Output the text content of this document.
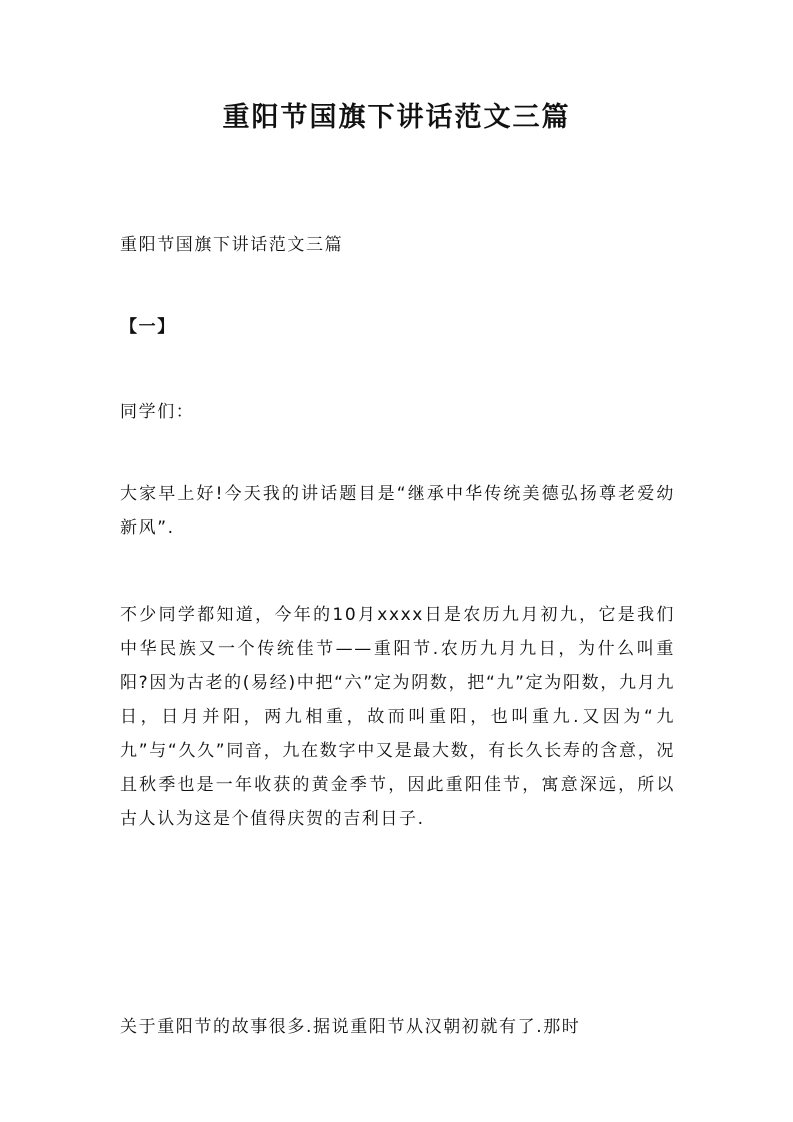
重阳节国旗下讲话范文三篇

重阳节国旗下讲话范文三篇

【一】

同学们：

大家早上好!今天我的讲话题目是“继承中华传统美德弘扬尊老爱幼新风”.

不少同学都知道，今年的10月xxxx日是农历九月初九，它是我们中华民族又一个传统佳节——重阳节.农历九月九日，为什么叫重阳?因为古老的(易经)中把“六”定为阴数，把“九”定为阳数，九月九日，日月并阳，两九相重，故而叫重阳，也叫重九.又因为“九九”与“久久”同音，九在数字中又是最大数，有长久长寿的含意，况且秋季也是一年收获的黄金季节，因此重阳佳节，寓意深远，所以古人认为这是个值得庆贺的吉利日子.

关于重阳节的故事很多.据说重阳节从汉朝初就有了.那时
